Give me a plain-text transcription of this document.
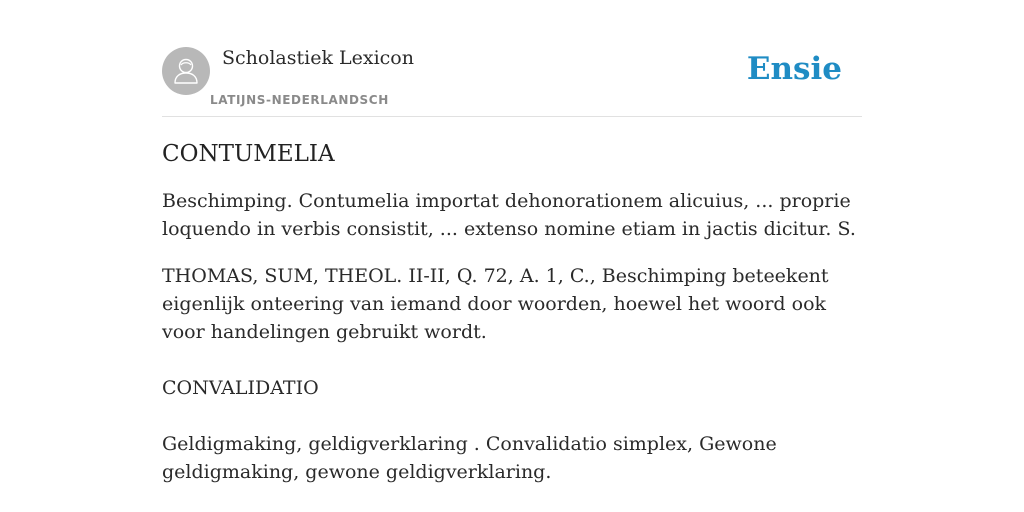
Scholastiek Lexicon
LATIJNS-NEDERLANDSCH
Ensie
CONTUMELIA

Beschimping. Contumelia importat dehonorationem alicuius, ... proprie loquendo in verbis consistit, ... extenso nomine etiam in jactis dicitur. S.

THOMAS, SUM, THEOL. II-II, Q. 72, A. 1, C., Beschimping beteekent eigenlijk onteering van iemand door woorden, hoewel het woord ook voor handelingen gebruikt wordt.

CONVALIDATIO

Geldigmaking, geldigverklaring . Convalidatio simplex, Gewone geldigmaking, gewone geldigverklaring.
